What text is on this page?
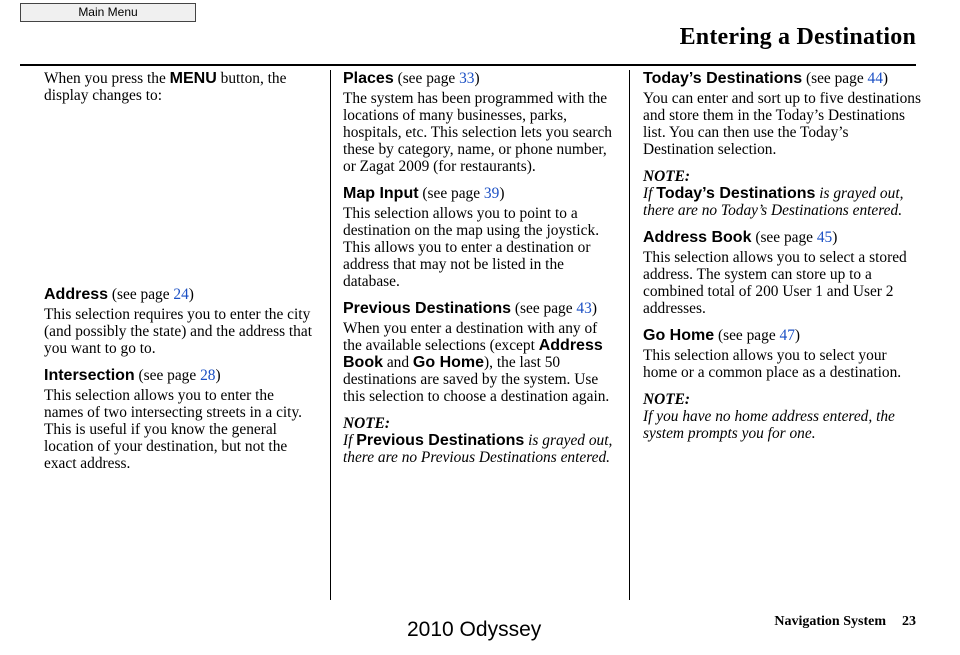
Main Menu
Entering a Destination

When you press the MENU button, the display changes to:

Address (see page 24)

This selection requires you to enter the city (and possibly the state) and the address that you want to go to.

Intersection (see page 28)

This selection allows you to enter the names of two intersecting streets in a city. This is useful if you know the general location of your destination, but not the exact address.

Places (see page 33)

The system has been programmed with the locations of many businesses, parks, hospitals, etc. This selection lets you search these by category, name, or phone number, or Zagat 2009 (for restaurants).

Map Input (see page 39)

This selection allows you to point to a destination on the map using the joystick. This allows you to enter a destination or address that may not be listed in the database.

Previous Destinations (see page 43)

When you enter a destination with any of the available selections (except Address Book and Go Home), the last 50 destinations are saved by the system. Use this selection to choose a destination again.

NOTE:

If Previous Destinations is grayed out, there are no Previous Destinations entered.

Today’s Destinations (see page 44)

You can enter and sort up to five destinations and store them in the Today’s Destinations list. You can then use the Today’s Destination selection.

NOTE:

If Today’s Destinations is grayed out, there are no Today’s Destinations entered.

Address Book (see page 45)

This selection allows you to select a stored address. The system can store up to a combined total of 200 User 1 and User 2 addresses.

Go Home (see page 47)

This selection allows you to select your home or a common place as a destination.

NOTE:

If you have no home address entered, the system prompts you for one.

2010 Odyssey	Navigation System 23
